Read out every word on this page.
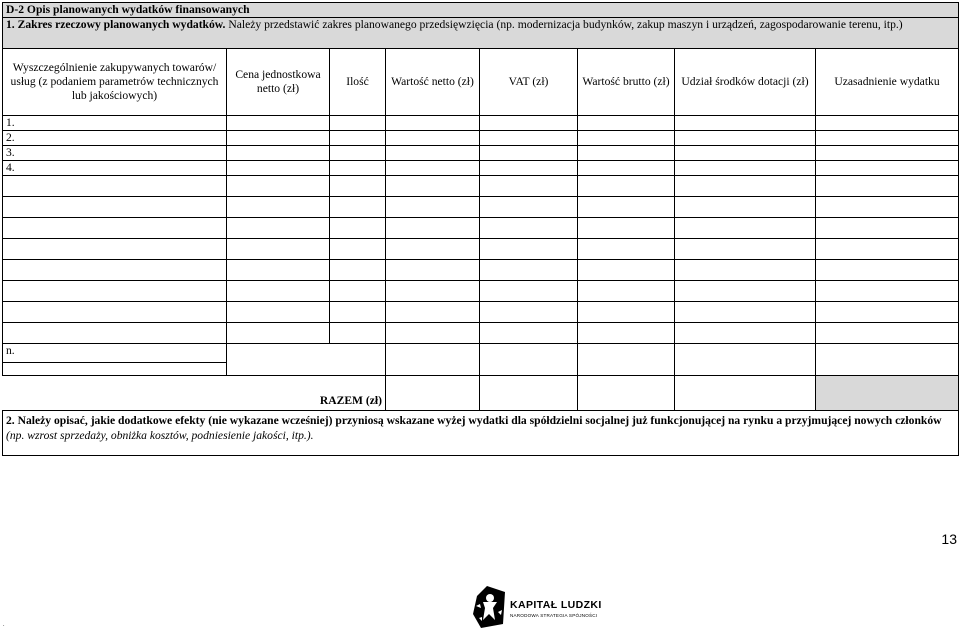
D-2 Opis planowanych wydatków finansowanych							
1. Zakres rzeczowy planowanych wydatków. Należy przedstawić zakres planowanego przedsięwzięcia (np. modernizacja budynków, zakup maszyn i urządzeń, zagospodarowanie terenu, itp.)							
Wyszczególnienie zakupywanych towarów/ usług (z podaniem parametrów technicznych lub jakościowych)	Cena jednostkowa netto (zł)	Ilość	Wartość netto (zł)	VAT (zł)	Wartość brutto (zł)	Udział środków dotacji (zł)	Uzasadnienie wydatku
1.							
2.							
3.							
4.							

n.							

RAZEM (zł)							
2. Należy opisać, jakie dodatkowe efekty (nie wykazane wcześniej) przyniosą wskazane wyżej wydatki dla spółdzielni socjalnej już funkcjonującej na rynku a przyjmującej nowych członków (np. wzrost sprzedaży, obniżka kosztów, podniesienie jakości, itp.).							
13
KAPITAŁ LUDZKI
NARODOWA STRATEGIA SPÓJNOŚCI
.
